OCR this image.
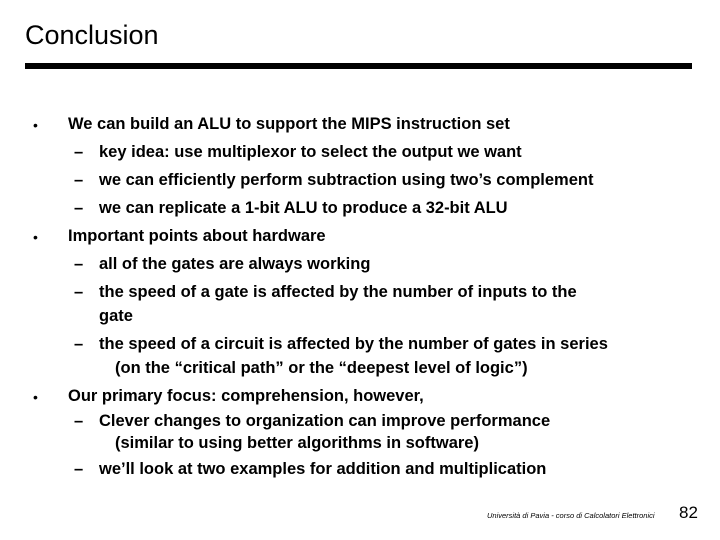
Conclusion
• We can build an ALU to support the MIPS instruction set
– key idea: use multiplexor to select the output we want
– we can efficiently perform subtraction using two’s complement
– we can replicate a 1-bit ALU to produce a 32-bit ALU
• Important points about hardware
– all of the gates are always working
– the speed of a gate is affected by the number of inputs to the
gate
– the speed of a circuit is affected by the number of gates in series
(on the “critical path” or the “deepest level of logic”)
• Our primary focus: comprehension, however,
– Clever changes to organization can improve performance
(similar to using better algorithms in software)
– we’ll look at two examples for addition and multiplication
Università di Pavia - corso di Calcolatori Elettronici 82
